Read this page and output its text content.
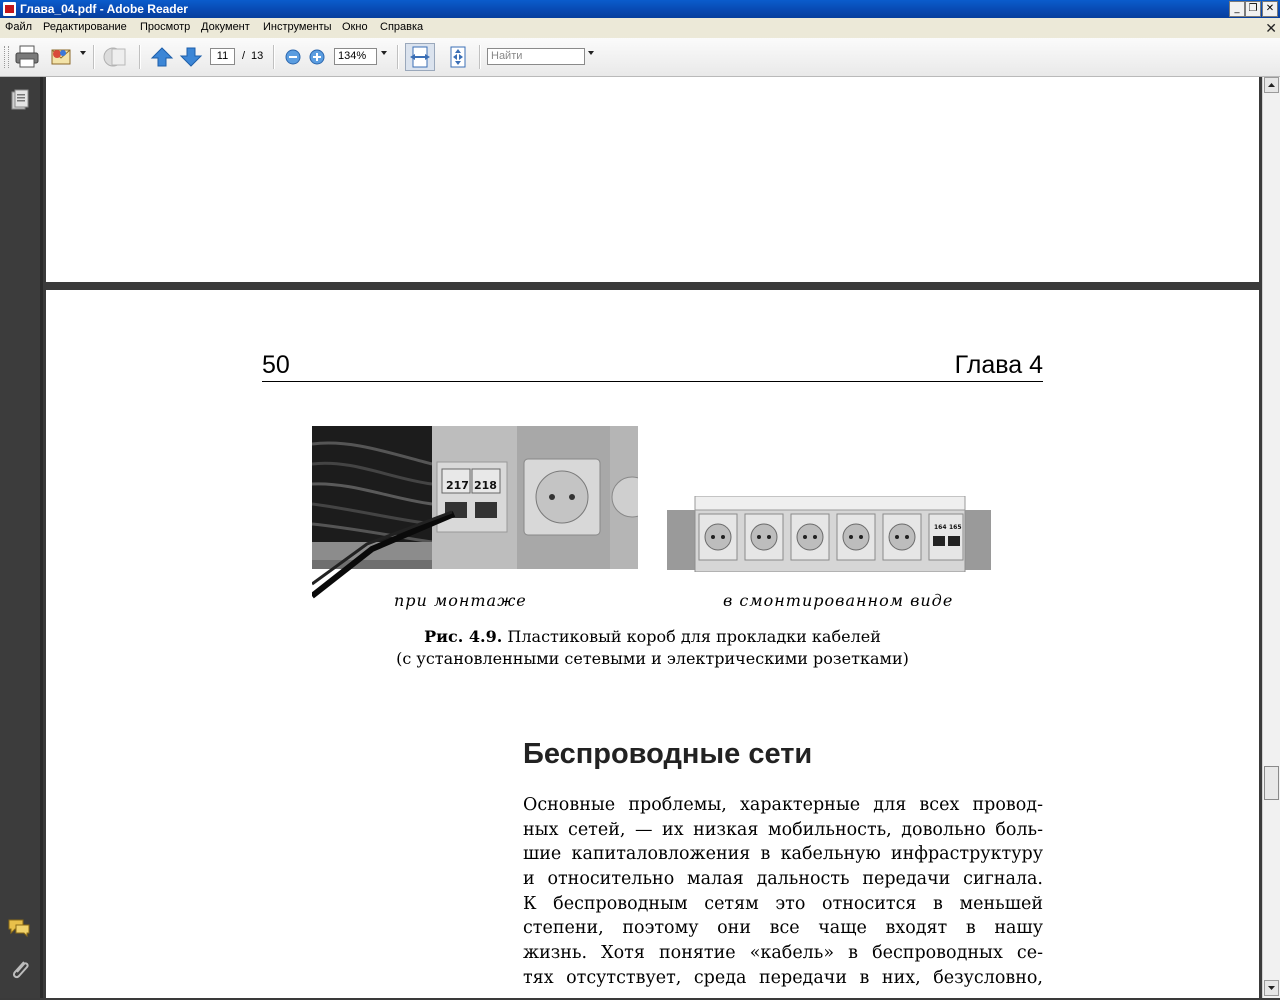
Глава_04.pdf - Adobe Reader	_ ❐ ✕
Файл Редактирование Просмотр Документ Инструменты Окно Справка	✕
11	/ 13	134%	Найти
50	Глава 4
217 218
164 165
при монтаже	в смонтированном виде
Рис. 4.9. Пластиковый короб для прокладки кабелей
(с установленными сетевыми и электрическими розетками)
Беспроводные сети
Основные проблемы, характерные для всех провод-
ных сетей, — их низкая мобильность, довольно боль-
шие капиталовложения в кабельную инфраструктуру
и относительно малая дальность передачи сигнала.
К беспроводным сетям это относится в меньшей
степени, поэтому они все чаще входят в нашу
жизнь. Хотя понятие «кабель» в беспроводных се-
тях отсутствует, среда передачи в них, безусловно,
